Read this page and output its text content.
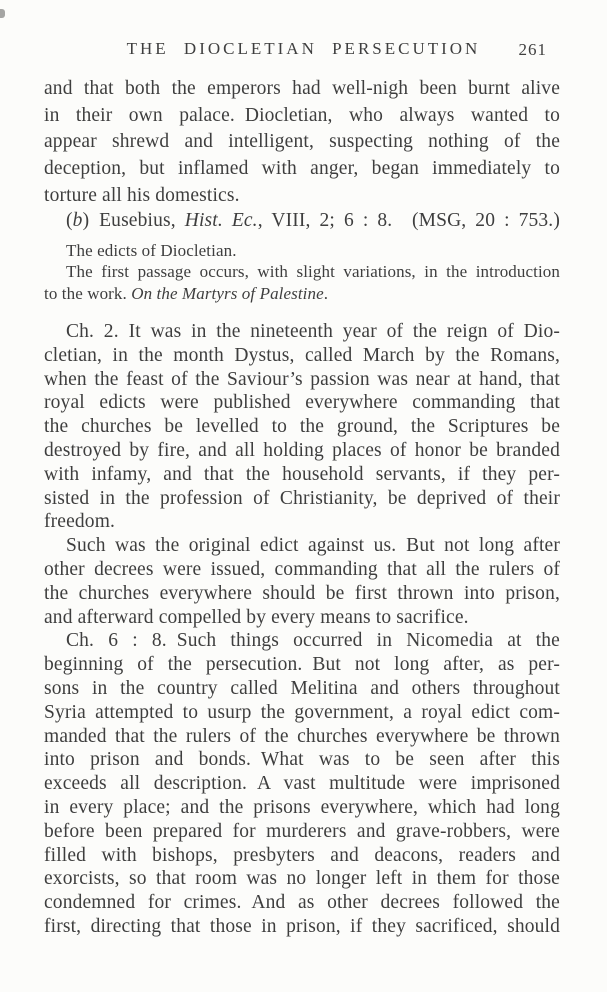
THE DIOCLETIAN PERSECUTION	261
and that both the emperors had well-nigh been burnt alive
in their own palace. Diocletian, who always wanted to
appear shrewd and intelligent, suspecting nothing of the
deception, but inflamed with anger, began immediately to
torture all his domestics.
(b) Eusebius, Hist. Ec., VIII, 2; 6 : 8. (MSG, 20 : 753.)
The edicts of Diocletian.
The first passage occurs, with slight variations, in the introduction
to the work. On the Martyrs of Palestine.
Ch. 2. It was in the nineteenth year of the reign of Dio-
cletian, in the month Dystus, called March by the Romans,
when the feast of the Saviour’s passion was near at hand, that
royal edicts were published everywhere commanding that
the churches be levelled to the ground, the Scriptures be
destroyed by fire, and all holding places of honor be branded
with infamy, and that the household servants, if they per-
sisted in the profession of Christianity, be deprived of their
freedom.
Such was the original edict against us. But not long after
other decrees were issued, commanding that all the rulers of
the churches everywhere should be first thrown into prison,
and afterward compelled by every means to sacrifice.
Ch. 6 : 8. Such things occurred in Nicomedia at the
beginning of the persecution. But not long after, as per-
sons in the country called Melitina and others throughout
Syria attempted to usurp the government, a royal edict com-
manded that the rulers of the churches everywhere be thrown
into prison and bonds. What was to be seen after this
exceeds all description. A vast multitude were imprisoned
in every place; and the prisons everywhere, which had long
before been prepared for murderers and grave-robbers, were
filled with bishops, presbyters and deacons, readers and
exorcists, so that room was no longer left in them for those
condemned for crimes. And as other decrees followed the
first, directing that those in prison, if they sacrificed, should
